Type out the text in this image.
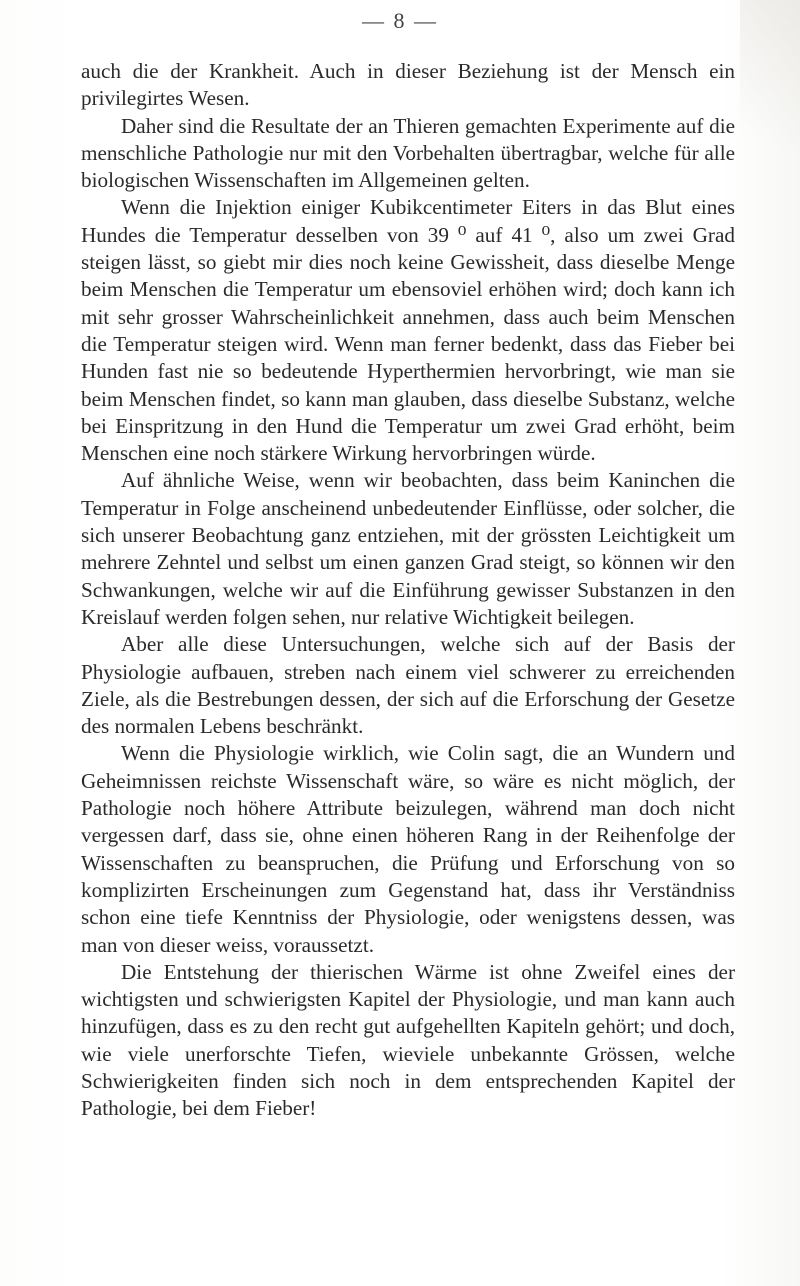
— 8 —

auch die der Krankheit. Auch in dieser Beziehung ist der Mensch ein privilegirtes Wesen.

Daher sind die Resultate der an Thieren gemachten Experimente auf die menschliche Pathologie nur mit den Vorbehalten übertragbar, welche für alle biologischen Wissenschaften im Allgemeinen gelten.

Wenn die Injektion einiger Kubikcentimeter Eiters in das Blut eines Hundes die Temperatur desselben von 39 ⁰ auf 41 ⁰, also um zwei Grad steigen lässt, so giebt mir dies noch keine Gewissheit, dass dieselbe Menge beim Menschen die Temperatur um ebensoviel erhöhen wird; doch kann ich mit sehr grosser Wahrscheinlichkeit annehmen, dass auch beim Menschen die Temperatur steigen wird. Wenn man ferner bedenkt, dass das Fieber bei Hunden fast nie so bedeutende Hyperthermien hervorbringt, wie man sie beim Menschen findet, so kann man glauben, dass dieselbe Substanz, welche bei Einspritzung in den Hund die Temperatur um zwei Grad erhöht, beim Menschen eine noch stärkere Wirkung hervorbringen würde.

Auf ähnliche Weise, wenn wir beobachten, dass beim Kaninchen die Temperatur in Folge anscheinend unbedeutender Einflüsse, oder solcher, die sich unserer Beobachtung ganz entziehen, mit der grössten Leichtigkeit um mehrere Zehntel und selbst um einen ganzen Grad steigt, so können wir den Schwankungen, welche wir auf die Einführung gewisser Substanzen in den Kreislauf werden folgen sehen, nur relative Wichtigkeit beilegen.

Aber alle diese Untersuchungen, welche sich auf der Basis der Physiologie aufbauen, streben nach einem viel schwerer zu erreichenden Ziele, als die Bestrebungen dessen, der sich auf die Erforschung der Gesetze des normalen Lebens beschränkt.

Wenn die Physiologie wirklich, wie Colin sagt, die an Wundern und Geheimnissen reichste Wissenschaft wäre, so wäre es nicht möglich, der Pathologie noch höhere Attribute beizulegen, während man doch nicht vergessen darf, dass sie, ohne einen höheren Rang in der Reihenfolge der Wissenschaften zu beanspruchen, die Prüfung und Erforschung von so komplizirten Erscheinungen zum Gegenstand hat, dass ihr Verständniss schon eine tiefe Kenntniss der Physiologie, oder wenigstens dessen, was man von dieser weiss, voraussetzt.

Die Entstehung der thierischen Wärme ist ohne Zweifel eines der wichtigsten und schwierigsten Kapitel der Physiologie, und man kann auch hinzufügen, dass es zu den recht gut aufgehellten Kapiteln gehört; und doch, wie viele unerforschte Tiefen, wieviele unbekannte Grössen, welche Schwierigkeiten finden sich noch in dem entsprechenden Kapitel der Pathologie, bei dem Fieber!
